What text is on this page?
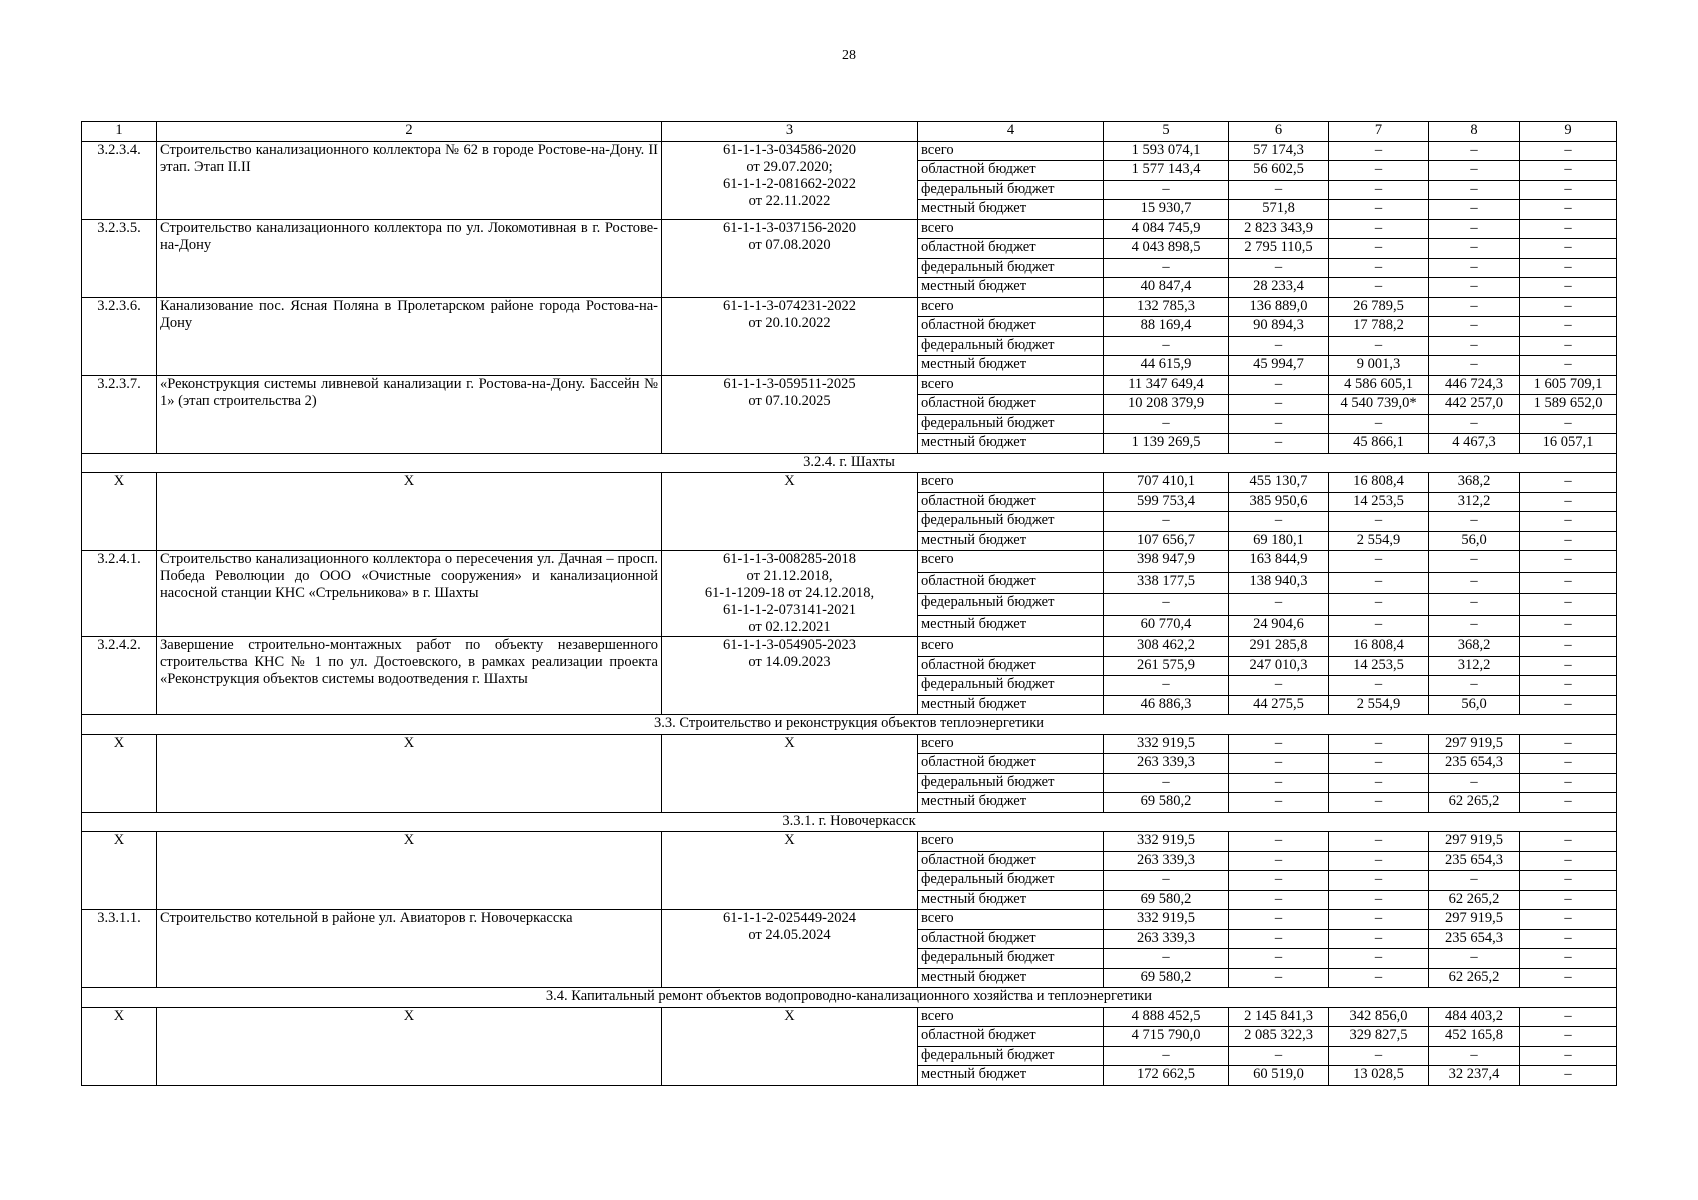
28
1	2	3	4	5	6	7	8	9
3.2.3.4.	Строительство канализационного коллектора № 62 в городе Ростове-на-Дону. II этап. Этап II.II	61-1-1-3-034586-2020
от 29.07.2020;
61-1-1-2-081662-2022
от 22.11.2022	всего	1 593 074,1	57 174,3	–	–	–
			областной бюджет	1 577 143,4	56 602,5	–	–	–
			федеральный бюджет	–	–	–	–	–
			местный бюджет	15 930,7	571,8	–	–	–
3.2.3.5.	Строительство канализационного коллектора по ул. Локомотивная в г. Ростове-на-Дону	61-1-1-3-037156-2020
от 07.08.2020	всего	4 084 745,9	2 823 343,9	–	–	–
			областной бюджет	4 043 898,5	2 795 110,5	–	–	–
			федеральный бюджет	–	–	–	–	–
			местный бюджет	40 847,4	28 233,4	–	–	–
3.2.3.6.	Канализование пос. Ясная Поляна в Пролетарском районе города Ростова-на-Дону	61-1-1-3-074231-2022
от 20.10.2022	всего	132 785,3	136 889,0	26 789,5	–	–
			областной бюджет	88 169,4	90 894,3	17 788,2	–	–
			федеральный бюджет	–	–	–	–	–
			местный бюджет	44 615,9	45 994,7	9 001,3	–	–
3.2.3.7.	«Реконструкция системы ливневой канализации г. Ростова-на-Дону. Бассейн № 1» (этап строительства 2)	61-1-1-3-059511-2025
от 07.10.2025	всего	11 347 649,4	–	4 586 605,1	446 724,3	1 605 709,1
			областной бюджет	10 208 379,9	–	4 540 739,0*	442 257,0	1 589 652,0
			федеральный бюджет	–	–	–	–	–
			местный бюджет	1 139 269,5	–	45 866,1	4 467,3	16 057,1
3.2.4. г. Шахты								
Х	Х	Х	всего	707 410,1	455 130,7	16 808,4	368,2	–
			областной бюджет	599 753,4	385 950,6	14 253,5	312,2	–
			федеральный бюджет	–	–	–	–	–
			местный бюджет	107 656,7	69 180,1	2 554,9	56,0	–
3.2.4.1.	Строительство канализационного коллектора о пересечения ул. Дачная – просп. Победа Революции до ООО «Очистные сооружения» и канализационной насосной станции КНС «Стрельникова» в г. Шахты	61-1-1-3-008285-2018
от 21.12.2018,
61-1-1209-18 от 24.12.2018,
61-1-1-2-073141-2021
от 02.12.2021	всего	398 947,9	163 844,9	–	–	–
			областной бюджет	338 177,5	138 940,3	–	–	–
			федеральный бюджет	–	–	–	–	–
			местный бюджет	60 770,4	24 904,6	–	–	–
3.2.4.2.	Завершение строительно-монтажных работ по объекту незавершенного строительства КНС № 1 по ул. Достоевского, в рамках реализации проекта «Реконструкция объектов системы водоотведения г. Шахты	61-1-1-3-054905-2023
от 14.09.2023	всего	308 462,2	291 285,8	16 808,4	368,2	–
			областной бюджет	261 575,9	247 010,3	14 253,5	312,2	–
			федеральный бюджет	–	–	–	–	–
			местный бюджет	46 886,3	44 275,5	2 554,9	56,0	–
3.3. Строительство и реконструкция объектов теплоэнергетики								
Х	Х	Х	всего	332 919,5	–	–	297 919,5	–
			областной бюджет	263 339,3	–	–	235 654,3	–
			федеральный бюджет	–	–	–	–	–
			местный бюджет	69 580,2	–	–	62 265,2	–
3.3.1. г. Новочеркасск								
Х	Х	Х	всего	332 919,5	–	–	297 919,5	–
			областной бюджет	263 339,3	–	–	235 654,3	–
			федеральный бюджет	–	–	–	–	–
			местный бюджет	69 580,2	–	–	62 265,2	–
3.3.1.1.	Строительство котельной в районе ул. Авиаторов г. Новочеркасска	61-1-1-2-025449-2024
от 24.05.2024	всего	332 919,5	–	–	297 919,5	–
			областной бюджет	263 339,3	–	–	235 654,3	–
			федеральный бюджет	–	–	–	–	–
			местный бюджет	69 580,2	–	–	62 265,2	–
3.4. Капитальный ремонт объектов водопроводно-канализационного хозяйства и теплоэнергетики								
Х	Х	Х	всего	4 888 452,5	2 145 841,3	342 856,0	484 403,2	–
			областной бюджет	4 715 790,0	2 085 322,3	329 827,5	452 165,8	–
			федеральный бюджет	–	–	–	–	–
			местный бюджет	172 662,5	60 519,0	13 028,5	32 237,4	–
